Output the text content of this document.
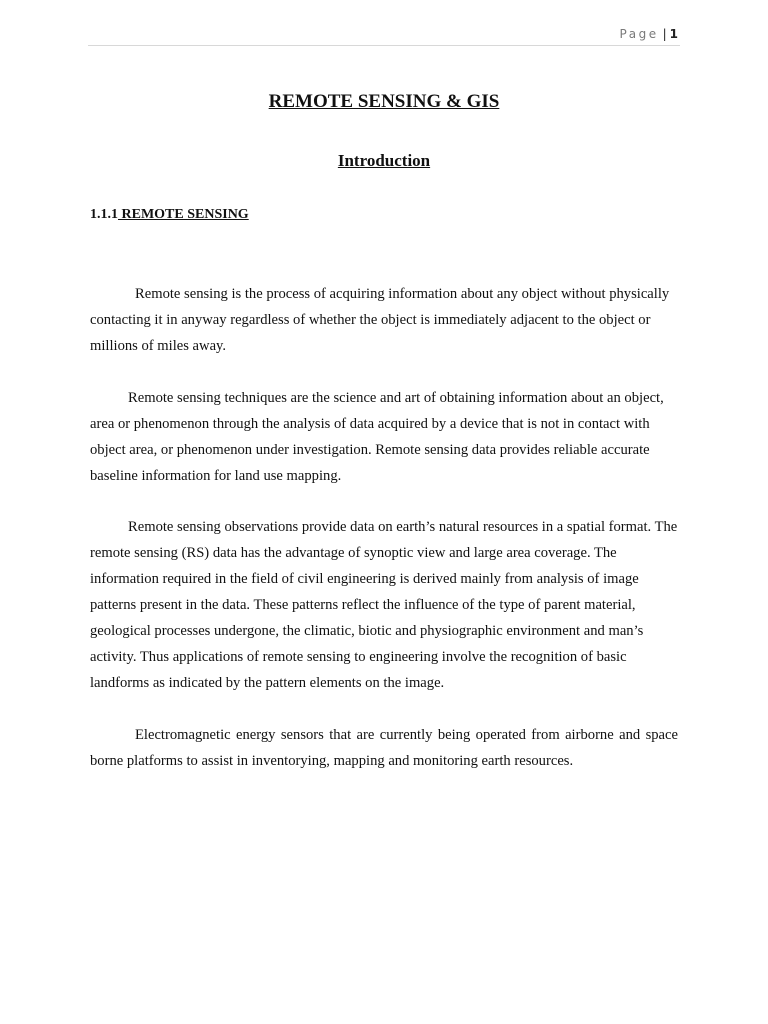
Page | 1
REMOTE SENSING & GIS
Introduction
1.1.1 REMOTE SENSING

Remote sensing is the process of acquiring information about any object without physically contacting it in anyway regardless of whether the object is immediately adjacent to the object or millions of miles away.

Remote sensing techniques are the science and art of obtaining information about an object, area or phenomenon through the analysis of data acquired by a device that is not in contact with object area, or phenomenon under investigation. Remote sensing data provides reliable accurate baseline information for land use mapping.

Remote sensing observations provide data on earth’s natural resources in a spatial format. The remote sensing (RS) data has the advantage of synoptic view and large area coverage. The information required in the field of civil engineering is derived mainly from analysis of image patterns present in the data. These patterns reflect the influence of the type of parent material, geological processes undergone, the climatic, biotic and physiographic environment and man’s activity. Thus applications of remote sensing to engineering involve the recognition of basic landforms as indicated by the pattern elements on the image.

Electromagnetic energy sensors that are currently being operated from airborne and space borne platforms to assist in inventorying, mapping and monitoring earth resources.
